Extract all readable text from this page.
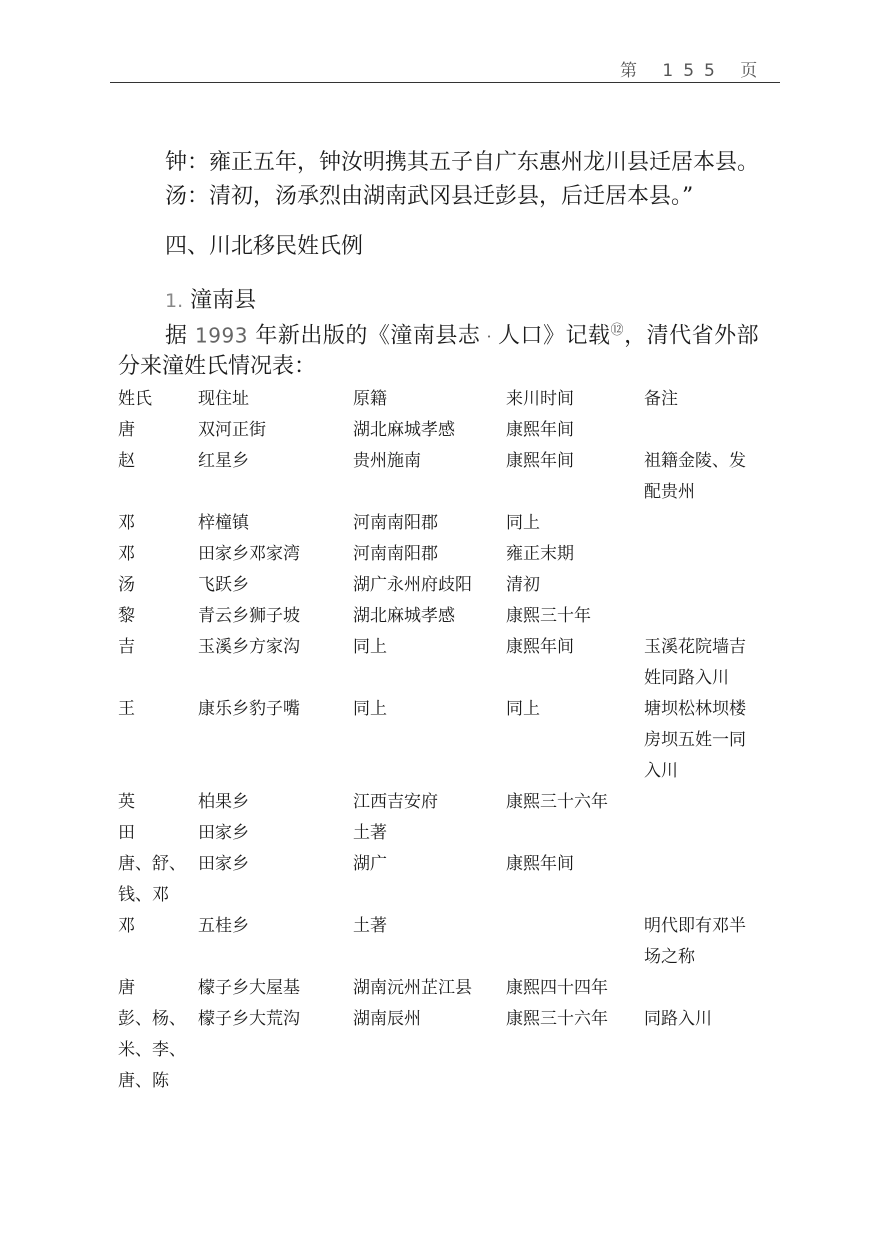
第 155 页
钟：雍正五年，钟汝明携其五子自广东惠州龙川县迁居本县。
汤：清初，汤承烈由湖南武冈县迁彭县，后迁居本县。”
四、川北移民姓氏例
1. 潼南县
据 1993 年新出版的《潼南县志 · 人口》记载⑫，清代省外部
分来潼姓氏情况表：
姓氏	现住址	原籍	来川时间	备注
唐	双河正街	湖北麻城孝感	康熙年间	
赵	红星乡	贵州施南	康熙年间	祖籍金陵、发
配贵州
邓	梓橦镇	河南南阳郡	同上	
邓	田家乡邓家湾	河南南阳郡	雍正末期	
汤	飞跃乡	湖广永州府歧阳	清初	
黎	青云乡狮子坡	湖北麻城孝感	康熙三十年	
吉	玉溪乡方家沟	同上	康熙年间	玉溪花院墙吉
姓同路入川
王	康乐乡豹子嘴	同上	同上	塘坝松林坝楼
房坝五姓一同
入川
英	柏果乡	江西吉安府	康熙三十六年	
田	田家乡	土著		
唐、舒、
钱、邓	田家乡	湖广	康熙年间	
邓	五桂乡	土著		明代即有邓半
场之称
唐	檬子乡大屋基	湖南沅州芷江县	康熙四十四年	
彭、杨、
米、李、
唐、陈	檬子乡大荒沟	湖南辰州	康熙三十六年	同路入川
